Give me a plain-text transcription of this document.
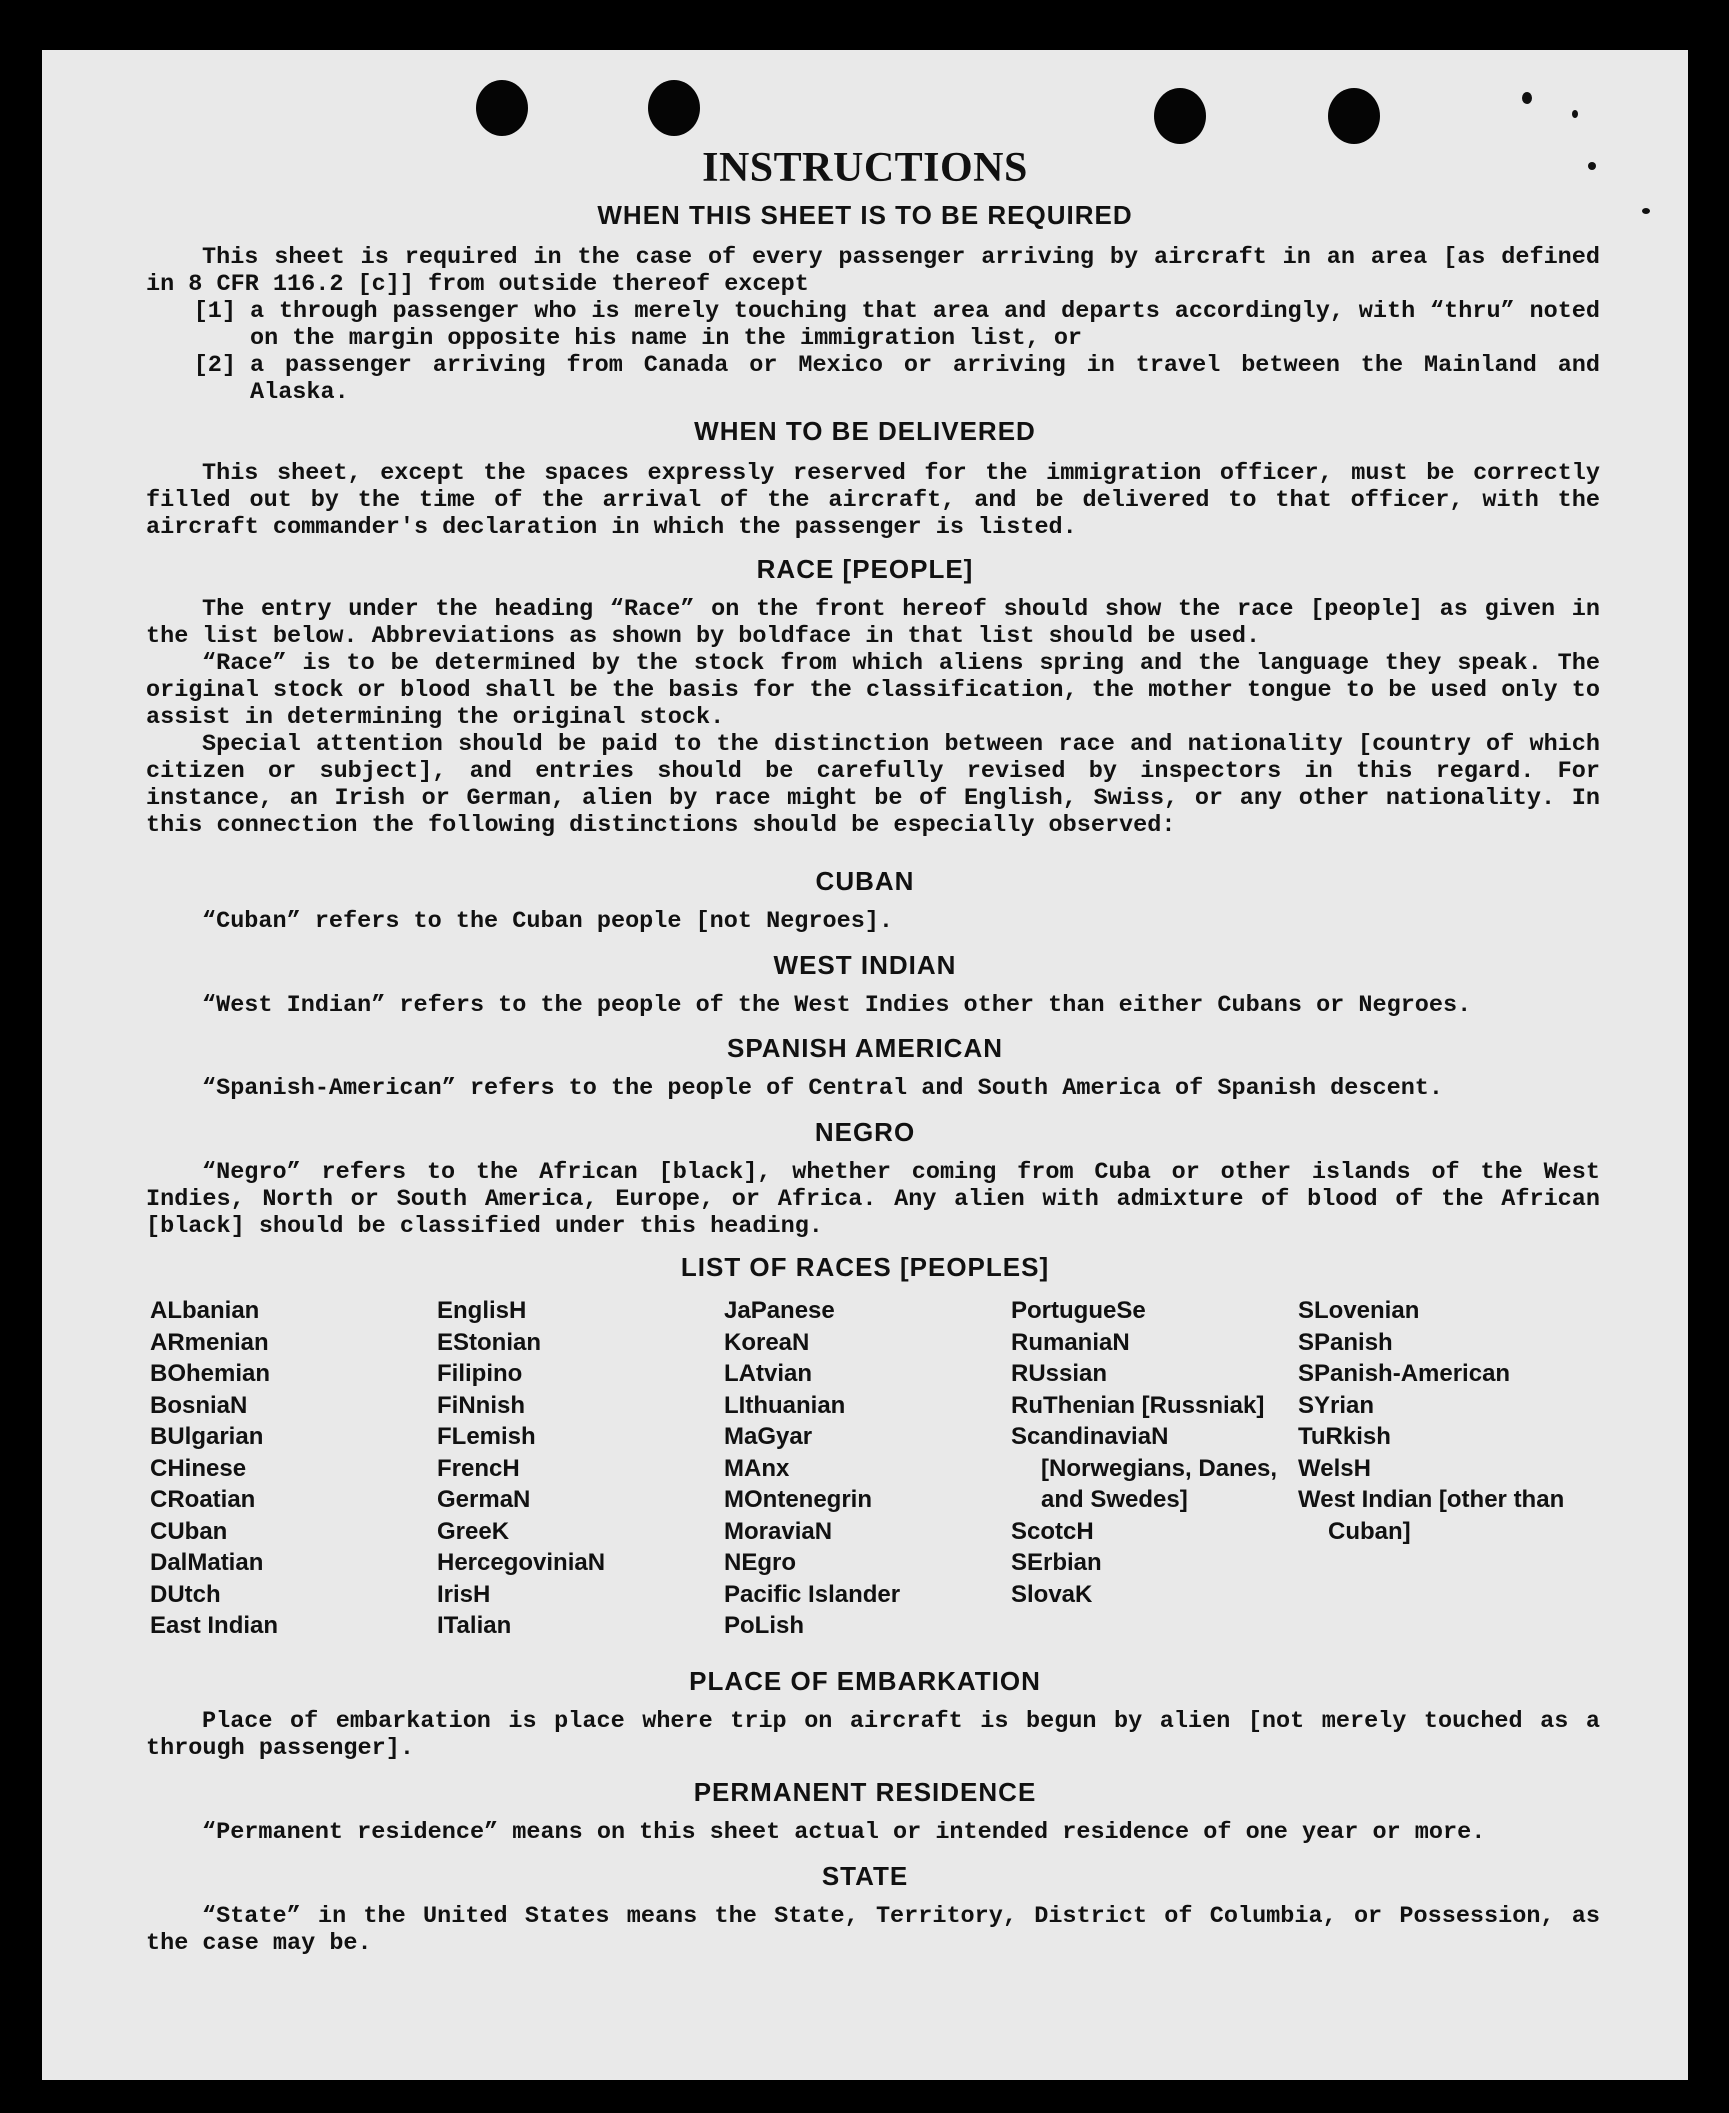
INSTRUCTIONS
WHEN THIS SHEET IS TO BE REQUIRED

This sheet is required in the case of every passenger arriving by aircraft in an area [as defined in 8 CFR 116.2 [c]] from outside thereof except

[1] a through passenger who is merely touching that area and departs accordingly, with “thru” noted on the margin opposite his name in the immigration list, or
[2] a passenger arriving from Canada or Mexico or arriving in travel between the Mainland and Alaska.
WHEN TO BE DELIVERED

This sheet, except the spaces expressly reserved for the immigration officer, must be correctly filled out by the time of the arrival of the aircraft, and be delivered to that officer, with the aircraft commander's declaration in which the passenger is listed.

RACE [PEOPLE]

The entry under the heading “Race” on the front hereof should show the race [people] as given in the list below. Abbreviations as shown by boldface in that list should be used.

“Race” is to be determined by the stock from which aliens spring and the language they speak. The original stock or blood shall be the basis for the classification, the mother tongue to be used only to assist in determining the original stock.

Special attention should be paid to the distinction between race and nationality [country of which citizen or subject], and entries should be carefully revised by inspectors in this regard. For instance, an Irish or German, alien by race might be of English, Swiss, or any other nationality. In this connection the following distinctions should be especially observed:

CUBAN

“Cuban” refers to the Cuban people [not Negroes].

WEST INDIAN

“West Indian” refers to the people of the West Indies other than either Cubans or Negroes.

SPANISH AMERICAN

“Spanish-American” refers to the people of Central and South America of Spanish descent.

NEGRO

“Negro” refers to the African [black], whether coming from Cuba or other islands of the West Indies, North or South America, Europe, or Africa. Any alien with admixture of blood of the African [black] should be classified under this heading.

LIST OF RACES [PEOPLES]
ALbanian
ARmenian
BOhemian
BosniaN
BUlgarian
CHinese
CRoatian
CUban
DalMatian
DUtch
East Indian
EnglisH
EStonian
Filipino
FiNnish
FLemish
FrencH
GermaN
GreeK
HercegoviniaN
IrisH
ITalian
JaPanese
KoreaN
LAtvian
LIthuanian
MaGyar
MAnx
MOntenegrin
MoraviaN
NEgro
Pacific Islander
PoLish
PortugueSe
RumaniaN
RUssian
RuThenian [Russniak]
ScandinaviaN [Norwegians, Danes, and Swedes]
ScotcH
SErbian
SlovaK
SLovenian
SPanish
SPanish-American
SYrian
TuRkish
WelsH
West Indian [other than Cuban]
PLACE OF EMBARKATION

Place of embarkation is place where trip on aircraft is begun by alien [not merely touched as a through passenger].

PERMANENT RESIDENCE

“Permanent residence” means on this sheet actual or intended residence of one year or more.

STATE

“State” in the United States means the State, Territory, District of Columbia, or Possession, as the case may be.
